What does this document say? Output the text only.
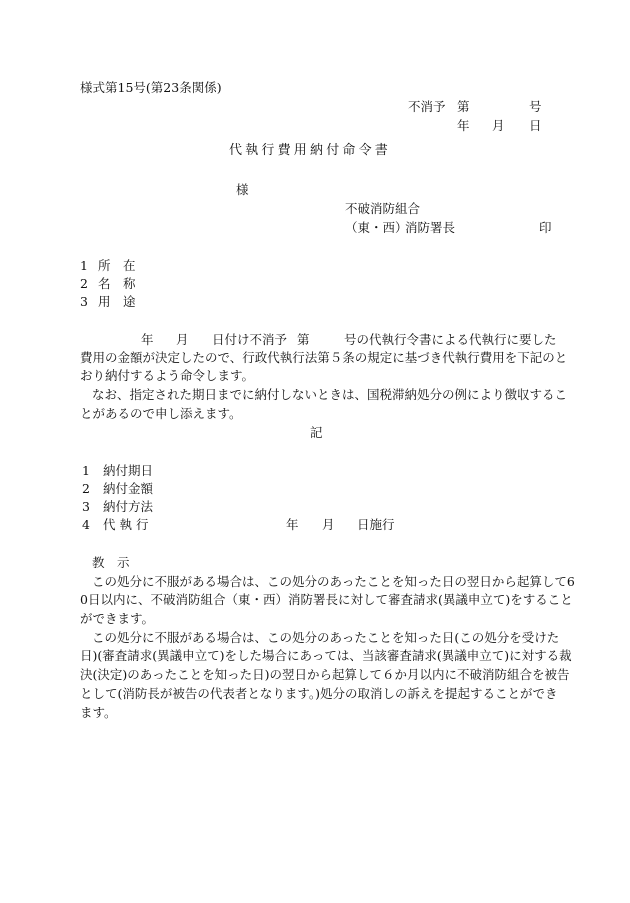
様式第15号(第23条関係)
不消予 第	号
年 月 日
代執行費用納付命令書
様
不破消防組合
（東・西）
消防署長	印
1 所　在
2 名　称
3 用　途
年 月 日付け不消予 第	号の代執行令書による代執行に要した
費用の金額が決定したので、行政代執行法第５条の規定に基づき代執行費用を下記のと
おり納付するよう命令します。
なお、指定された期日までに納付しないときは、国税滞納処分の例により徴収するこ
とがあるので申し添えます。
記
1 納付期日
2 納付金額
3 納付方法
4 代 執 行	年 月 日施行
教　示
この処分に不服がある場合は、この処分のあったことを知った日の翌日から起算して6
0日以内に、不破消防組合（東・西）消防署長に対して審査請求(異議申立て)をすること
ができます。
この処分に不服がある場合は、この処分のあったことを知った日(この処分を受けた
日)(審査請求(異議申立て)をした場合にあっては、当該審査請求(異議申立て)に対する裁
決(決定)のあったことを知った日)の翌日から起算して６か月以内に不破消防組合を被告
として(消防長が被告の代表者となります。)処分の取消しの訴えを提起することができ
ます。
